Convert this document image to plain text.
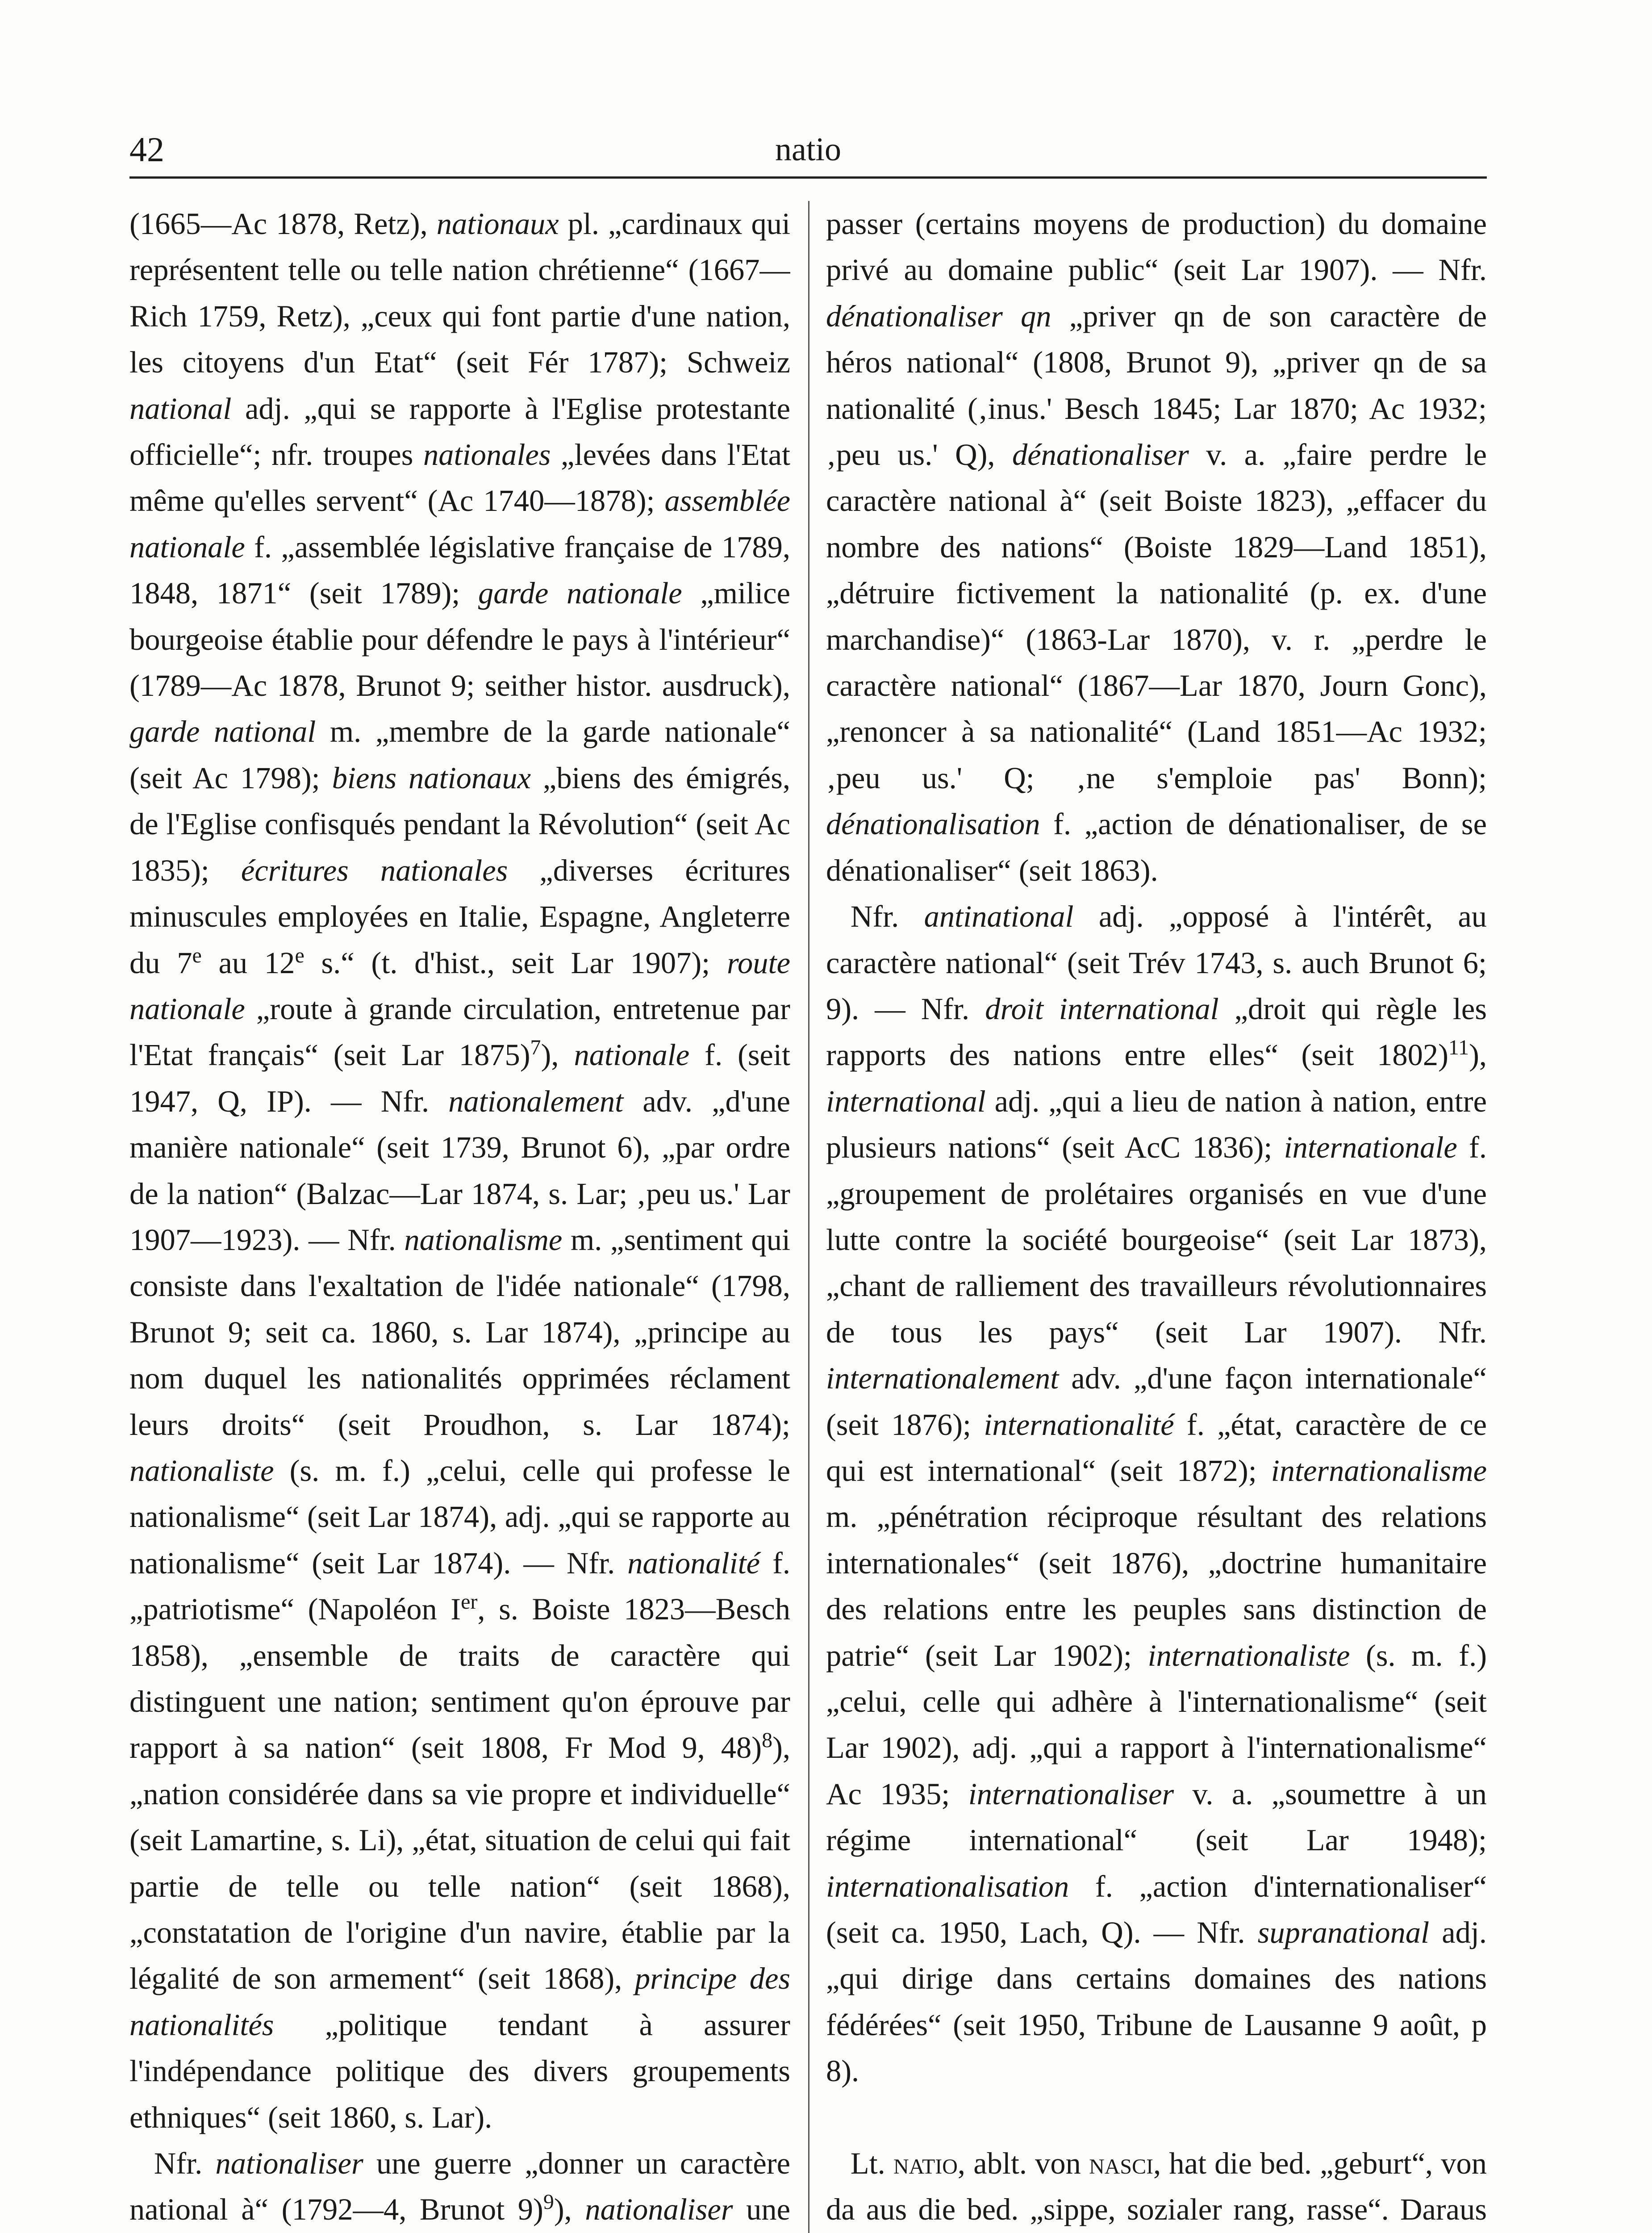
42	natio

(1665—Ac 1878, Retz), nationaux pl. „cardinaux qui représentent telle ou telle nation chrétienne“ (1667—Rich 1759, Retz), „ceux qui font partie d'une nation, les citoyens d'un Etat“ (seit Fér 1787); Schweiz national adj. „qui se rapporte à l'Eglise protestante officielle“; nfr. troupes nationales „levées dans l'Etat même qu'elles servent“ (Ac 1740—1878); assemblée nationale f. „assemblée législative française de 1789, 1848, 1871“ (seit 1789); garde nationale „milice bourgeoise établie pour défendre le pays à l'intérieur“ (1789—Ac 1878, Brunot 9; seither histor. ausdruck), garde national m. „membre de la garde nationale“ (seit Ac 1798); biens nationaux „biens des émigrés, de l'Eglise confisqués pendant la Révolution“ (seit Ac 1835); écritures nationales „diverses écritures minuscules employées en Italie, Espagne, Angleterre du 7e au 12e s.“ (t. d'hist., seit Lar 1907); route nationale „route à grande circulation, entretenue par l'Etat français“ (seit Lar 1875)$^7$), nationale f. (seit 1947, Q, IP). — Nfr. nationalement adv. „d'une manière nationale“ (seit 1739, Brunot 6), „par ordre de la nation“ (Balzac—Lar 1874, s. Lar; ‚peu us.' Lar 1907—1923). — Nfr. nationalisme m. „sentiment qui consiste dans l'exaltation de l'idée nationale“ (1798, Brunot 9; seit ca. 1860, s. Lar 1874), „principe au nom duquel les nationalités opprimées réclament leurs droits“ (seit Proudhon, s. Lar 1874); nationaliste (s. m. f.) „celui, celle qui professe le nationalisme“ (seit Lar 1874), adj. „qui se rapporte au nationalisme“ (seit Lar 1874). — Nfr. nationalité f. „patriotisme“ (Napoléon Ier, s. Boiste 1823—Besch 1858), „ensemble de traits de caractère qui distinguent une nation; sentiment qu'on éprouve par rapport à sa nation“ (seit 1808, Fr Mod 9, 48)$^8$), „nation considérée dans sa vie propre et individuelle“ (seit Lamartine, s. Li), „état, situation de celui qui fait partie de telle ou telle nation“ (seit 1868), „constatation de l'origine d'un navire, établie par la légalité de son armement“ (seit 1868), principe des nationalités „politique tendant à assurer l'indépendance politique des divers groupements ethniques“ (seit 1860, s. Lar).

Nfr. nationaliser une guerre „donner un caractère national à“ (1792—4, Brunot 9)$^9$), nationaliser une

passer (certains moyens de production) du domaine privé au domaine public“ (seit Lar 1907). — Nfr. dénationaliser qn „priver qn de son caractère de héros national“ (1808, Brunot 9), „priver qn de sa nationalité (‚inus.' Besch 1845; Lar 1870; Ac 1932; ‚peu us.' Q), dénationaliser v. a. „faire perdre le caractère national à“ (seit Boiste 1823), „effacer du nombre des nations“ (Boiste 1829—Land 1851), „détruire fictivement la nationalité (p. ex. d'une marchandise)“ (1863-Lar 1870), v. r. „perdre le caractère national“ (1867—Lar 1870, Journ Gonc), „renoncer à sa nationalité“ (Land 1851—Ac 1932; ‚peu us.' Q; ‚ne s'emploie pas' Bonn); dénationalisation f. „action de dénationaliser, de se dénationaliser“ (seit 1863).

Nfr. antinational adj. „opposé à l'intérêt, au caractère national“ (seit Trév 1743, s. auch Brunot 6; 9). — Nfr. droit international „droit qui règle les rapports des nations entre elles“ (seit 1802)$^{11}$), international adj. „qui a lieu de nation à nation, entre plusieurs nations“ (seit AcC 1836); internationale f. „groupement de prolétaires organisés en vue d'une lutte contre la société bourgeoise“ (seit Lar 1873), „chant de ralliement des travailleurs révolutionnaires de tous les pays“ (seit Lar 1907). Nfr. internationalement adv. „d'une façon internationale“ (seit 1876); internationalité f. „état, caractère de ce qui est international“ (seit 1872); internationalisme m. „pénétration réciproque résultant des relations internationales“ (seit 1876), „doctrine humanitaire des relations entre les peuples sans distinction de patrie“ (seit Lar 1902); internationaliste (s. m. f.) „celui, celle qui adhère à l'internationalisme“ (seit Lar 1902), adj. „qui a rapport à l'internationalisme“ Ac 1935; internationaliser v. a. „soumettre à un régime international“ (seit Lar 1948); internationalisation f. „action d'internationaliser“ (seit ca. 1950, Lach, Q). — Nfr. supranational adj. „qui dirige dans certains domaines des nations fédérées“ (seit 1950, Tribune de Lausanne 9 août, p 8).

Lt. natio, ablt. von nasci, hat die bed. „geburt“, von da aus die bed. „sippe, sozialer rang, rasse“. Daraus
